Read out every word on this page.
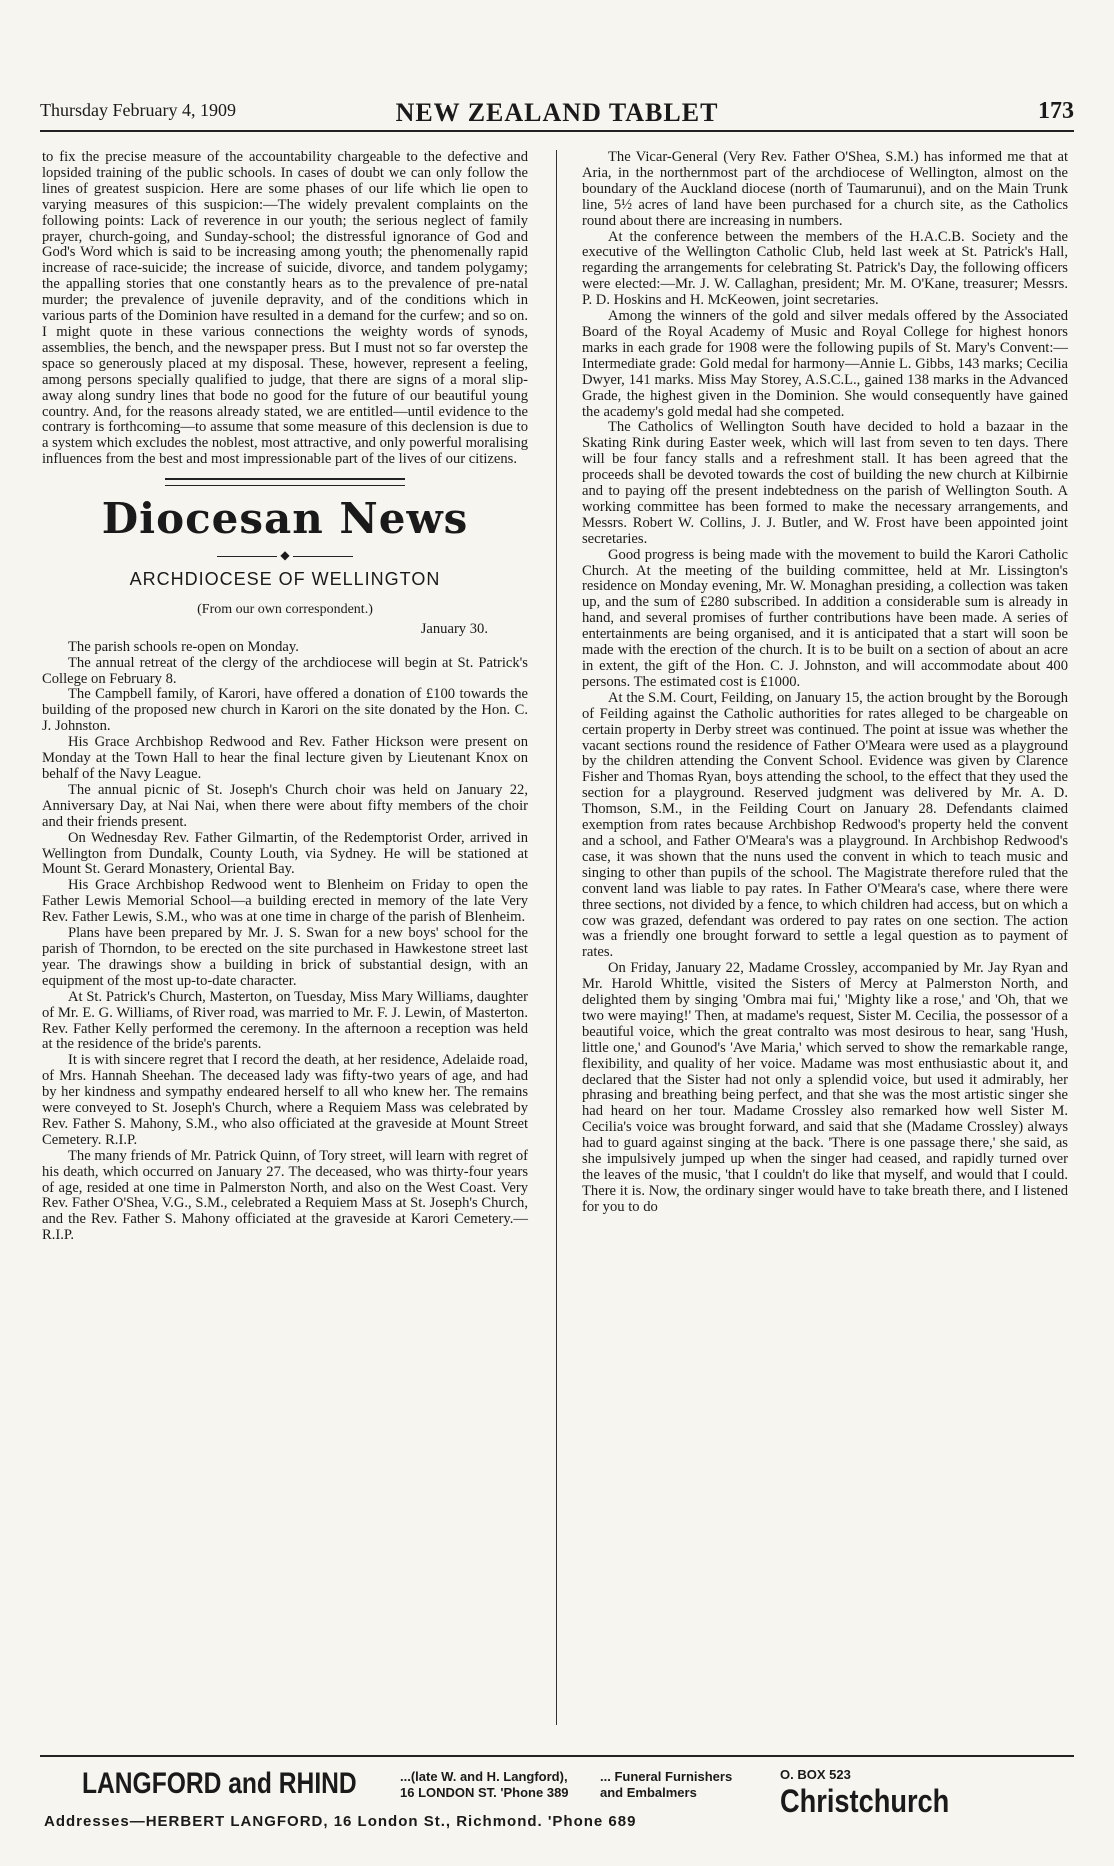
Thursday February 4, 1909	NEW ZEALAND TABLET	173

to fix the precise measure of the accountability chargeable to the defective and lopsided training of the public schools. In cases of doubt we can only follow the lines of greatest suspicion. Here are some phases of our life which lie open to varying measures of this suspicion:—The widely prevalent complaints on the following points: Lack of reverence in our youth; the serious neglect of family prayer, church-going, and Sunday-school; the distressful ignorance of God and God's Word which is said to be increasing among youth; the phenomenally rapid increase of race-suicide; the increase of suicide, divorce, and tandem polygamy; the appalling stories that one constantly hears as to the prevalence of pre-natal murder; the prevalence of juvenile depravity, and of the conditions which in various parts of the Dominion have resulted in a demand for the curfew; and so on. I might quote in these various connections the weighty words of synods, assemblies, the bench, and the newspaper press. But I must not so far overstep the space so generously placed at my disposal. These, however, represent a feeling, among persons specially qualified to judge, that there are signs of a moral slip-away along sundry lines that bode no good for the future of our beautiful young country. And, for the reasons already stated, we are entitled—until evidence to the contrary is forthcoming—to assume that some measure of this declension is due to a system which excludes the noblest, most attractive, and only powerful moralising influences from the best and most impressionable part of the lives of our citizens.

Diocesan News
◆
ARCHDIOCESE OF WELLINGTON
(From our own correspondent.)
January 30.

The parish schools re-open on Monday.

The annual retreat of the clergy of the archdiocese will begin at St. Patrick's College on February 8.

The Campbell family, of Karori, have offered a donation of £100 towards the building of the proposed new church in Karori on the site donated by the Hon. C. J. Johnston.

His Grace Archbishop Redwood and Rev. Father Hickson were present on Monday at the Town Hall to hear the final lecture given by Lieutenant Knox on behalf of the Navy League.

The annual picnic of St. Joseph's Church choir was held on January 22, Anniversary Day, at Nai Nai, when there were about fifty members of the choir and their friends present.

On Wednesday Rev. Father Gilmartin, of the Redemptorist Order, arrived in Wellington from Dundalk, County Louth, via Sydney. He will be stationed at Mount St. Gerard Monastery, Oriental Bay.

His Grace Archbishop Redwood went to Blenheim on Friday to open the Father Lewis Memorial School—a building erected in memory of the late Very Rev. Father Lewis, S.M., who was at one time in charge of the parish of Blenheim.

Plans have been prepared by Mr. J. S. Swan for a new boys' school for the parish of Thorndon, to be erected on the site purchased in Hawkestone street last year. The drawings show a building in brick of substantial design, with an equipment of the most up-to-date character.

At St. Patrick's Church, Masterton, on Tuesday, Miss Mary Williams, daughter of Mr. E. G. Williams, of River road, was married to Mr. F. J. Lewin, of Masterton. Rev. Father Kelly performed the ceremony. In the afternoon a reception was held at the residence of the bride's parents.

It is with sincere regret that I record the death, at her residence, Adelaide road, of Mrs. Hannah Sheehan. The deceased lady was fifty-two years of age, and had by her kindness and sympathy endeared herself to all who knew her. The remains were conveyed to St. Joseph's Church, where a Requiem Mass was celebrated by Rev. Father S. Mahony, S.M., who also officiated at the graveside at Mount Street Cemetery. R.I.P.

The many friends of Mr. Patrick Quinn, of Tory street, will learn with regret of his death, which occurred on January 27. The deceased, who was thirty-four years of age, resided at one time in Palmerston North, and also on the West Coast. Very Rev. Father O'Shea, V.G., S.M., celebrated a Requiem Mass at St. Joseph's Church, and the Rev. Father S. Mahony officiated at the graveside at Karori Cemetery.—R.I.P.

The Vicar-General (Very Rev. Father O'Shea, S.M.) has informed me that at Aria, in the northernmost part of the archdiocese of Wellington, almost on the boundary of the Auckland diocese (north of Taumarunui), and on the Main Trunk line, 5½ acres of land have been purchased for a church site, as the Catholics round about there are increasing in numbers.

At the conference between the members of the H.A.C.B. Society and the executive of the Wellington Catholic Club, held last week at St. Patrick's Hall, regarding the arrangements for celebrating St. Patrick's Day, the following officers were elected:—Mr. J. W. Callaghan, president; Mr. M. O'Kane, treasurer; Messrs. P. D. Hoskins and H. McKeowen, joint secretaries.

Among the winners of the gold and silver medals offered by the Associated Board of the Royal Academy of Music and Royal College for highest honors marks in each grade for 1908 were the following pupils of St. Mary's Convent:—Intermediate grade: Gold medal for harmony—Annie L. Gibbs, 143 marks; Cecilia Dwyer, 141 marks. Miss May Storey, A.S.C.L., gained 138 marks in the Advanced Grade, the highest given in the Dominion. She would consequently have gained the academy's gold medal had she competed.

The Catholics of Wellington South have decided to hold a bazaar in the Skating Rink during Easter week, which will last from seven to ten days. There will be four fancy stalls and a refreshment stall. It has been agreed that the proceeds shall be devoted towards the cost of building the new church at Kilbirnie and to paying off the present indebtedness on the parish of Wellington South. A working committee has been formed to make the necessary arrangements, and Messrs. Robert W. Collins, J. J. Butler, and W. Frost have been appointed joint secretaries.

Good progress is being made with the movement to build the Karori Catholic Church. At the meeting of the building committee, held at Mr. Lissington's residence on Monday evening, Mr. W. Monaghan presiding, a collection was taken up, and the sum of £280 subscribed. In addition a considerable sum is already in hand, and several promises of further contributions have been made. A series of entertainments are being organised, and it is anticipated that a start will soon be made with the erection of the church. It is to be built on a section of about an acre in extent, the gift of the Hon. C. J. Johnston, and will accommodate about 400 persons. The estimated cost is £1000.

At the S.M. Court, Feilding, on January 15, the action brought by the Borough of Feilding against the Catholic authorities for rates alleged to be chargeable on certain property in Derby street was continued. The point at issue was whether the vacant sections round the residence of Father O'Meara were used as a playground by the children attending the Convent School. Evidence was given by Clarence Fisher and Thomas Ryan, boys attending the school, to the effect that they used the section for a playground. Reserved judgment was delivered by Mr. A. D. Thomson, S.M., in the Feilding Court on January 28. Defendants claimed exemption from rates because Archbishop Redwood's property held the convent and a school, and Father O'Meara's was a playground. In Archbishop Redwood's case, it was shown that the nuns used the convent in which to teach music and singing to other than pupils of the school. The Magistrate therefore ruled that the convent land was liable to pay rates. In Father O'Meara's case, where there were three sections, not divided by a fence, to which children had access, but on which a cow was grazed, defendant was ordered to pay rates on one section. The action was a friendly one brought forward to settle a legal question as to payment of rates.

On Friday, January 22, Madame Crossley, accompanied by Mr. Jay Ryan and Mr. Harold Whittle, visited the Sisters of Mercy at Palmerston North, and delighted them by singing 'Ombra mai fui,' 'Mighty like a rose,' and 'Oh, that we two were maying!' Then, at madame's request, Sister M. Cecilia, the possessor of a beautiful voice, which the great contralto was most desirous to hear, sang 'Hush, little one,' and Gounod's 'Ave Maria,' which served to show the remarkable range, flexibility, and quality of her voice. Madame was most enthusiastic about it, and declared that the Sister had not only a splendid voice, but used it admirably, her phrasing and breathing being perfect, and that she was the most artistic singer she had heard on her tour. Madame Crossley also remarked how well Sister M. Cecilia's voice was brought forward, and said that she (Madame Crossley) always had to guard against singing at the back. 'There is one passage there,' she said, as she impulsively jumped up when the singer had ceased, and rapidly turned over the leaves of the music, 'that I couldn't do like that myself, and would that I could. There it is. Now, the ordinary singer would have to take breath there, and I listened for you to do

LANGFORD and RHIND	...(late W. and H. Langford),
16 LONDON ST. 'Phone 389
... Funeral Furnishers
and Embalmers
O. BOX 523
Christchurch
Addresses—HERBERT LANGFORD, 16 London St., Richmond. 'Phone 689
